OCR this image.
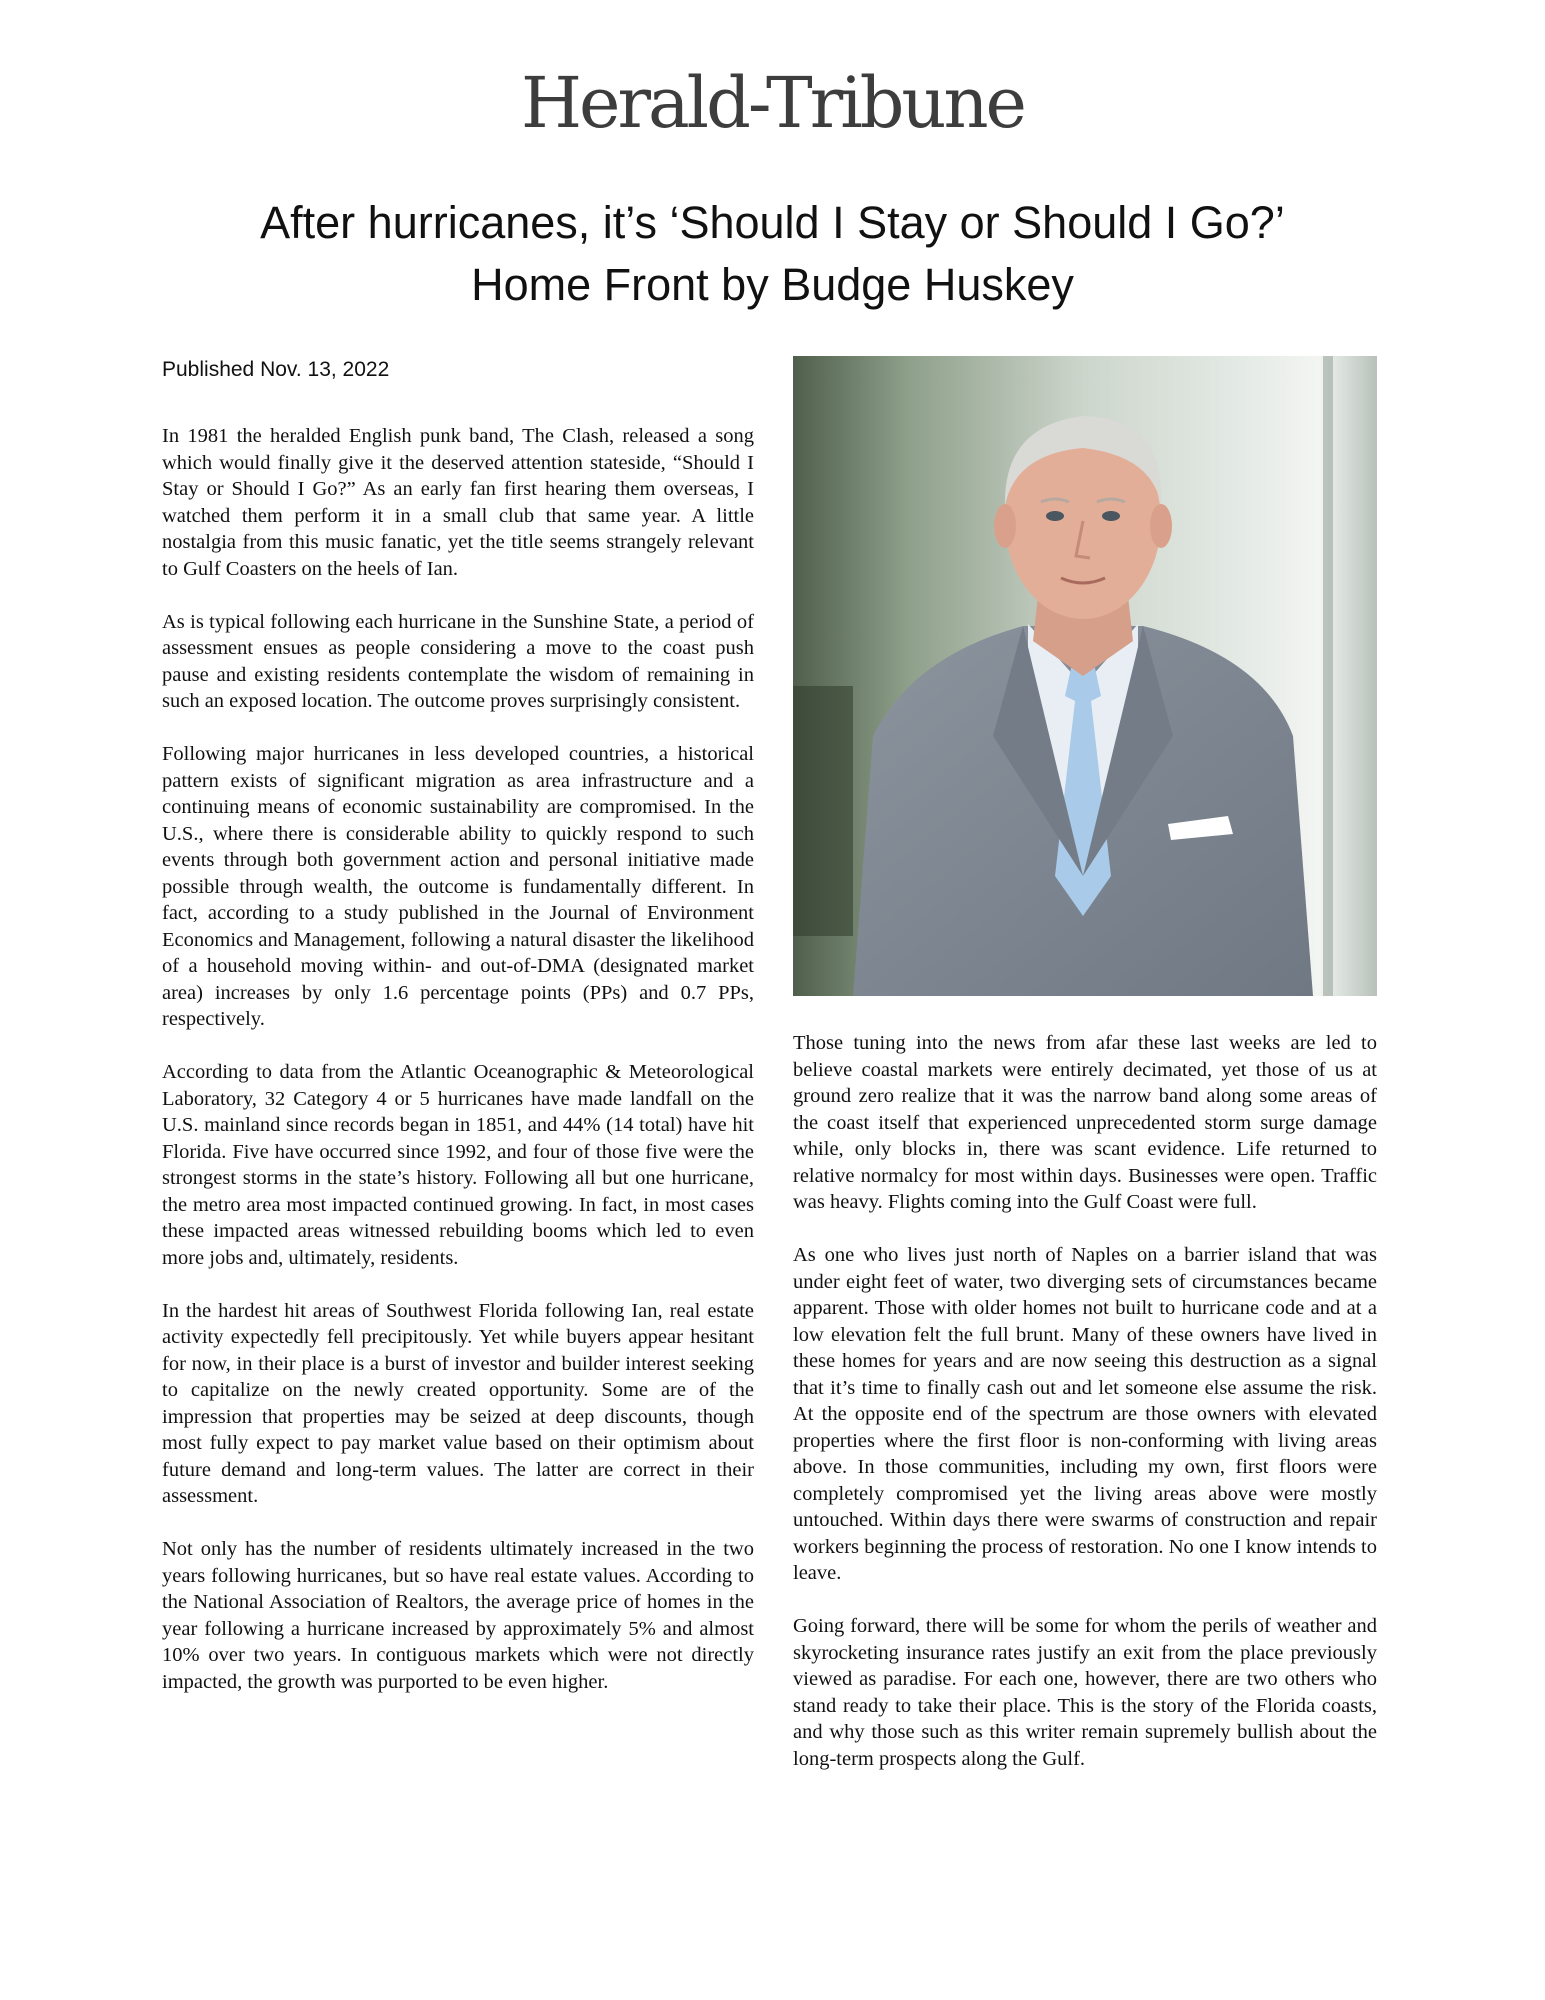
Herald-Tribune
After hurricanes, it’s ‘Should I Stay or Should I Go?’
Home Front by Budge Huskey
Published Nov. 13, 2022

In 1981 the heralded English punk band, The Clash, released a song which would finally give it the deserved attention stateside, “Should I Stay or Should I Go?” As an early fan first hearing them overseas, I watched them perform it in a small club that same year. A little nostalgia from this music fanatic, yet the title seems strangely relevant to Gulf Coasters on the heels of Ian.

As is typical following each hurricane in the Sunshine State, a period of assessment ensues as people considering a move to the coast push pause and existing residents contemplate the wisdom of remaining in such an exposed location. The outcome proves surprisingly consistent.

Following major hurricanes in less developed countries, a historical pattern exists of significant migration as area infrastructure and a continuing means of economic sustainability are compromised. In the U.S., where there is considerable ability to quickly respond to such events through both government action and personal initiative made possible through wealth, the outcome is fundamentally different. In fact, according to a study published in the Journal of Environment Economics and Management, following a natural disaster the likelihood of a household moving within- and out-of-DMA (designated market area) increases by only 1.6 percentage points (PPs) and 0.7 PPs, respectively.

According to data from the Atlantic Oceanographic & Meteorological Laboratory, 32 Category 4 or 5 hurricanes have made landfall on the U.S. mainland since records began in 1851, and 44% (14 total) have hit Florida. Five have occurred since 1992, and four of those five were the strongest storms in the state’s history. Following all but one hurricane, the metro area most impacted continued growing. In fact, in most cases these impacted areas witnessed rebuilding booms which led to even more jobs and, ultimately, residents.

In the hardest hit areas of Southwest Florida following Ian, real estate activity expectedly fell precipitously. Yet while buyers appear hesitant for now, in their place is a burst of investor and builder interest seeking to capitalize on the newly created opportunity. Some are of the impression that properties may be seized at deep discounts, though most fully expect to pay market value based on their optimism about future demand and long-term values. The latter are correct in their assessment.

Not only has the number of residents ultimately increased in the two years following hurricanes, but so have real estate values. According to the National Association of Realtors, the average price of homes in the year following a hurricane increased by approximately 5% and almost 10% over two years. In contiguous markets which were not directly impacted, the growth was purported to be even higher.

Those tuning into the news from afar these last weeks are led to believe coastal markets were entirely decimated, yet those of us at ground zero realize that it was the narrow band along some areas of the coast itself that experienced unprecedented storm surge damage while, only blocks in, there was scant evidence. Life returned to relative normalcy for most within days. Businesses were open. Traffic was heavy. Flights coming into the Gulf Coast were full.

As one who lives just north of Naples on a barrier island that was under eight feet of water, two diverging sets of circumstances became apparent. Those with older homes not built to hurricane code and at a low elevation felt the full brunt. Many of these owners have lived in these homes for years and are now seeing this destruction as a signal that it’s time to finally cash out and let someone else assume the risk. At the opposite end of the spectrum are those owners with elevated properties where the first floor is non-conforming with living areas above. In those communities, including my own, first floors were completely compromised yet the living areas above were mostly untouched. Within days there were swarms of construction and repair workers beginning the process of restoration. No one I know intends to leave.

Going forward, there will be some for whom the perils of weather and skyrocketing insurance rates justify an exit from the place previously viewed as paradise. For each one, however, there are two others who stand ready to take their place. This is the story of the Florida coasts, and why those such as this writer remain supremely bullish about the long-term prospects along the Gulf.
